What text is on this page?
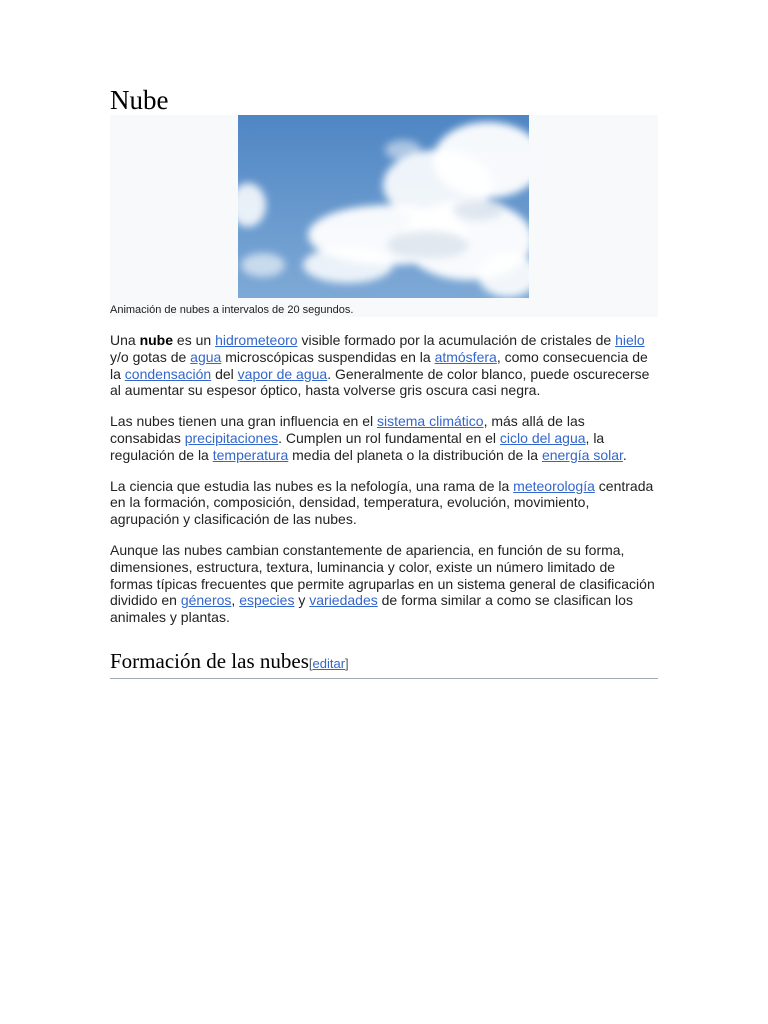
Nube
Animación de nubes a intervalos de 20 segundos.

Una nube es un hidrometeoro visible formado por la acumulación de cristales de hielo y/o gotas de agua microscópicas suspendidas en la atmósfera, como consecuencia de la condensación del vapor de agua. Generalmente de color blanco, puede oscurecerse al aumentar su espesor óptico, hasta volverse gris oscura casi negra.

Las nubes tienen una gran influencia en el sistema climático, más allá de las consabidas precipitaciones. Cumplen un rol fundamental en el ciclo del agua, la regulación de la temperatura media del planeta o la distribución de la energía solar.

La ciencia que estudia las nubes es la nefología, una rama de la meteorología centrada en la formación, composición, densidad, temperatura, evolución, movimiento, agrupación y clasificación de las nubes.

Aunque las nubes cambian constantemente de apariencia, en función de su forma, dimensiones, estructura, textura, luminancia y color, existe un número limitado de formas típicas frecuentes que permite agruparlas en un sistema general de clasificación dividido en géneros, especies y variedades de forma similar a como se clasifican los animales y plantas.

Formación de las nubes[editar]
